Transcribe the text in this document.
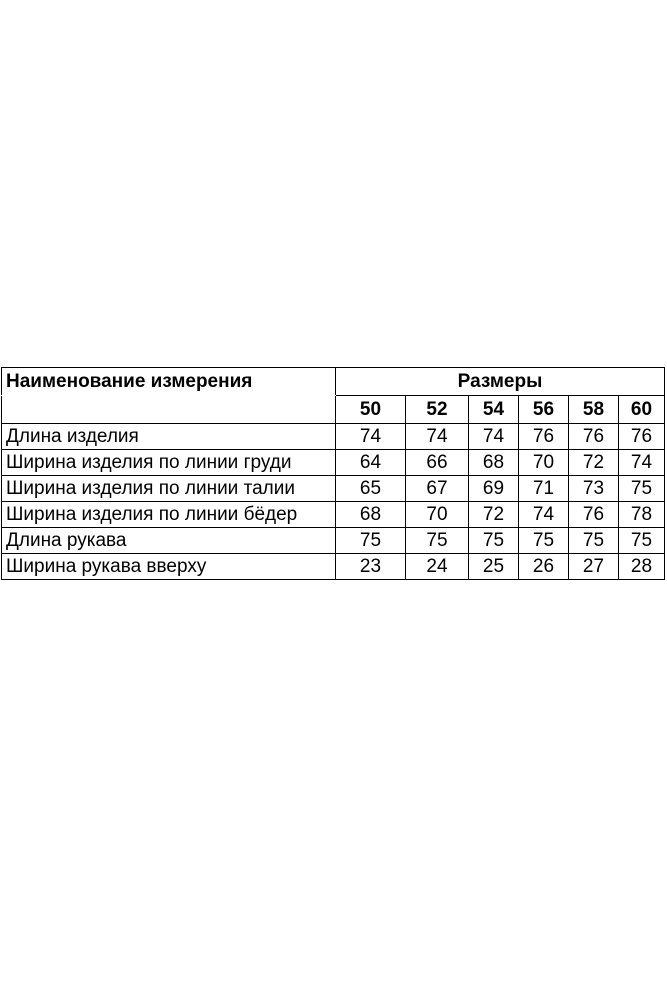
Наименование измерения	Размеры					
	50	52	54	56	58	60
Длина изделия	74	74	74	76	76	76
Ширина изделия по линии груди	64	66	68	70	72	74
Ширина изделия по линии талии	65	67	69	71	73	75
Ширина изделия по линии бёдер	68	70	72	74	76	78
Длина рукава	75	75	75	75	75	75
Ширина рукава вверху	23	24	25	26	27	28
